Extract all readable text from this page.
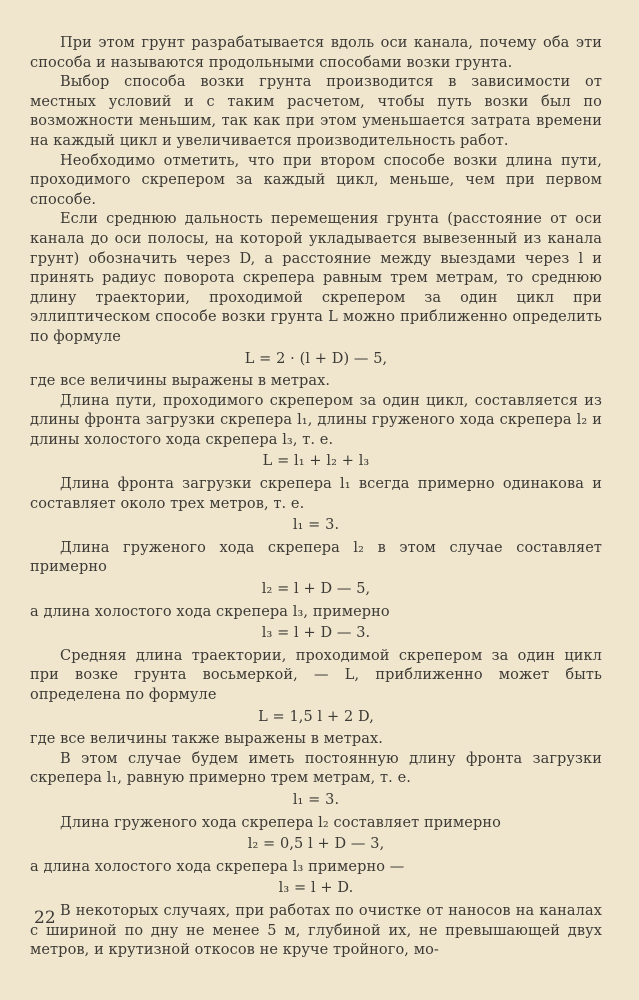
При этом грунт разрабатывается вдоль оси канала, почему оба эти способа и называются продольными способами возки грунта.
Выбор способа возки грунта производится в зависимости от местных условий и с таким расчетом, чтобы путь возки был по возможности меньшим, так как при этом уменьшается затрата времени на каждый цикл и увеличивается производительность работ.
Необходимо отметить, что при втором способе возки длина пути, проходимого скрепером за каждый цикл, меньше, чем при первом способе.
Если среднюю дальность перемещения грунта (расстояние от оси канала до оси полосы, на которой укладывается вывезенный из канала грунт) обозначить через D, а расстояние между выездами через l и принять радиус поворота скрепера равным трем метрам, то среднюю длину траектории, проходимой скрепером за один цикл при эллиптическом способе возки грунта L можно приближенно определить по формуле
L = 2 · (l + D) — 5,
где все величины выражены в метрах.
Длина пути, проходимого скрепером за один цикл, составляется из длины фронта загрузки скрепера l₁, длины груженого хода скрепера l₂ и длины холостого хода скрепера l₃, т. е.
L = l₁ + l₂ + l₃
Длина фронта загрузки скрепера l₁ всегда примерно одинакова и составляет около трех метров, т. е.
l₁ = 3.
Длина груженого хода скрепера l₂ в этом случае составляет примерно
l₂ = l + D — 5,
а длина холостого хода скрепера l₃, примерно
l₃ = l + D — 3.
Средняя длина траектории, проходимой скрепером за один цикл при возке грунта восьмеркой, — L, приближенно может быть определена по формуле
L = 1,5 l + 2 D,
где все величины также выражены в метрах.
В этом случае будем иметь постоянную длину фронта загрузки скрепера l₁, равную примерно трем метрам, т. е.
l₁ = 3.
Длина груженого хода скрепера l₂ составляет примерно
l₂ = 0,5 l + D — 3,
а длина холостого хода скрепера l₃ примерно —
l₃ = l + D.
В некоторых случаях, при работах по очистке от наносов на каналах с шириной по дну не менее 5 м, глубиной их, не превышающей двух метров, и крутизной откосов не круче тройного, мо-
22
